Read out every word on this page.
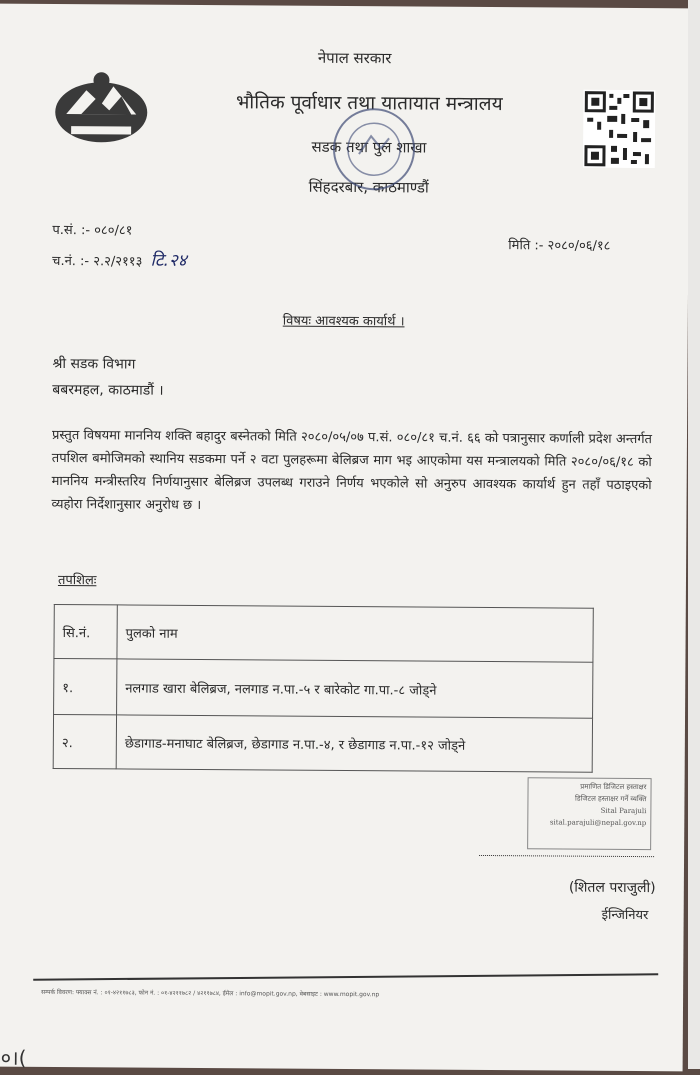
नेपाल सरकार
भौतिक पूर्वाधार तथा यातायात मन्त्रालय
सडक तथा पुल शाखा
सिंहदरबार, काठमाण्डौं
प.सं. :- ०८०/८१
च.नं. :- २.२/२११३ टि.२४
मिति :- २०८०/०६/१८
विषयः आवश्यक कार्यार्थ ।
श्री सडक विभाग
बबरमहल, काठमाडौं ।
प्रस्तुत विषयमा माननिय शक्ति बहादुर बस्नेतको मिति २०८०/०५/०७ प.सं. ०८०/८१ च.नं. ६६ को पत्रानुसार कर्णाली प्रदेश अन्तर्गत तपशिल बमोजिमको स्थानिय सडकमा पर्ने २ वटा पुलहरूमा बेलिब्रज माग भइ आएकोमा यस मन्त्रालयको मिति २०८०/०६/१८ को माननिय मन्त्रीस्तरिय निर्णयानुसार बेलिब्रज उपलब्ध गराउने निर्णय भएकोले सो अनुरुप आवश्यक कार्यार्थ हुन तहाँ पठाइएको व्यहोरा निर्देशानुसार अनुरोध छ ।
तपशिलः
सि.नं.	पुलको नाम
१.	नलगाड खारा बेलिब्रज, नलगाड न.पा.-५ र बारेकोट गा.पा.-८ जोड्ने
२.	छेडागाड-मनाघाट बेलिब्रज, छेडागाड न.पा.-४, र छेडागाड न.पा.-१२ जोड्ने
प्रमाणित डिजिटल हस्ताक्षर
डिजिटल हस्ताक्षर गर्ने व्यक्ति
Sital Parajuli
sital.parajuli@nepal.gov.np
(शितल पराजुली)
ईन्जिनियर
सम्पर्क विवरण: फ्याक्स नं. : ०१-४२११७८३, फोन नं. : ०१-४२११७८२ / ४२११७८४, ईमेल : info@mopit.gov.np, वेबसाइट : www.mopit.gov.np
०।(
